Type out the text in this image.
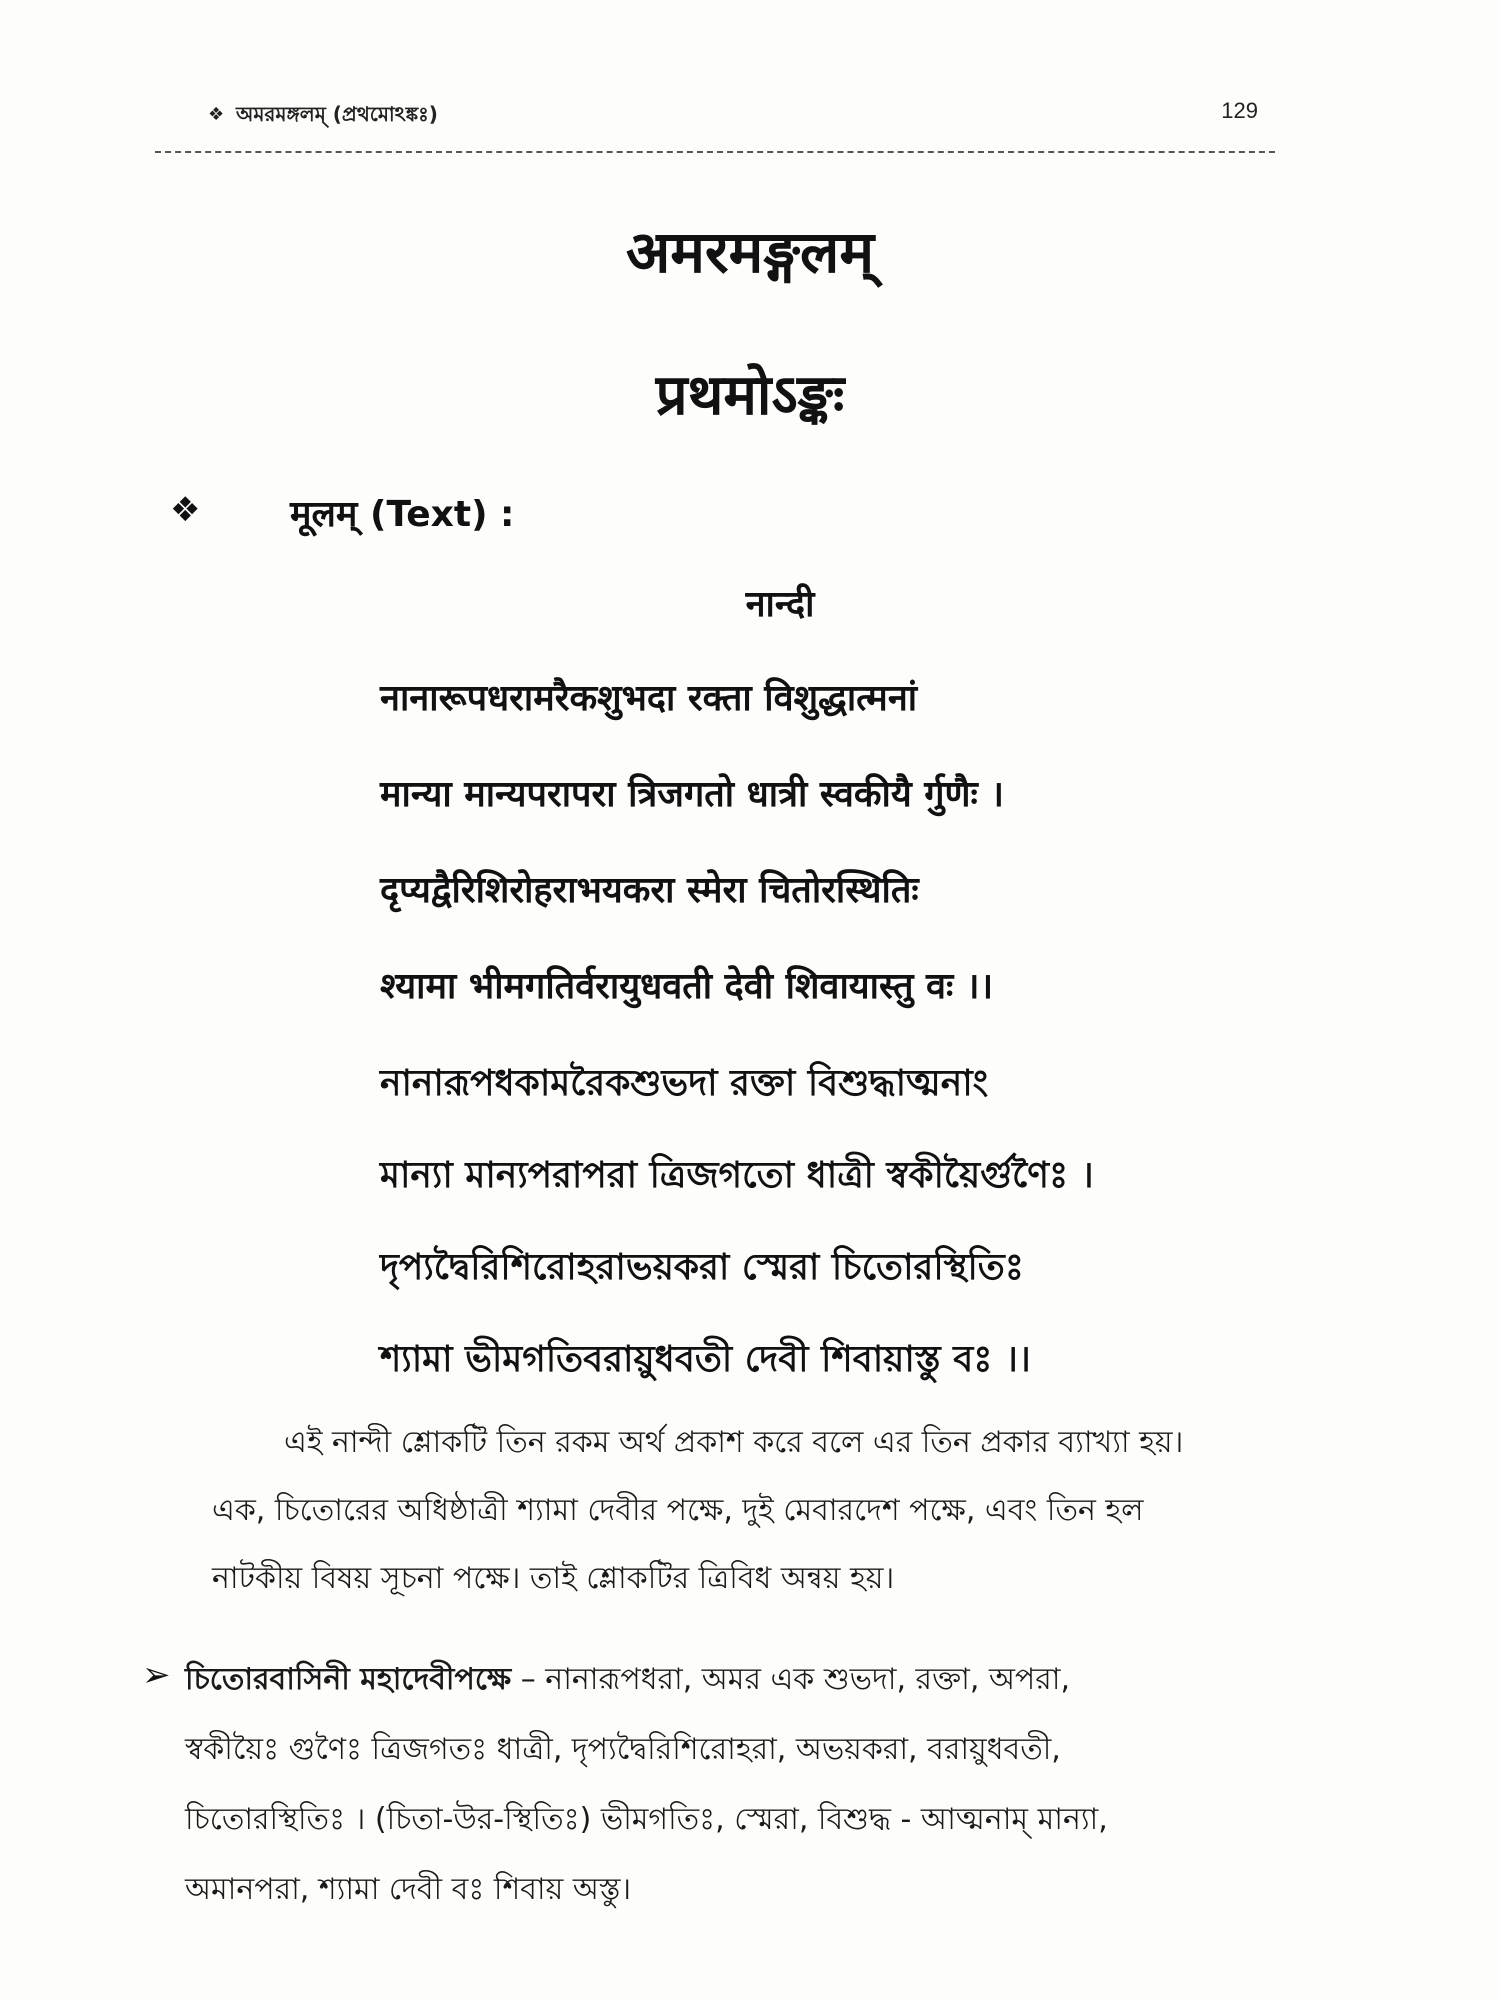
❖ অমরমঙ্গলম্ (প্রথমোঽঙ্কঃ)	129
अमरमङ्गलम्
प्रथमोऽङ्कः
❖ मूलम् (Text) :
नान्दी
नानारूपधरामरैकशुभदा रक्ता विशुद्धात्मनां
मान्या मान्यपरापरा त्रिजगतो धात्री स्वकीयै र्गुणैः ।
दृप्यद्वैरिशिरोहराभयकरा स्मेरा चितोरस्थितिः
श्यामा भीमगतिर्वरायुधवती देवी शिवायास्तु वः ।।
নানারূপধকামরৈকশুভদা রক্তা বিশুদ্ধাত্মনাং
মান্যা মান্যপরাপরা ত্রিজগতো ধাত্রী স্বকীয়ৈর্গুণৈঃ ।
দৃপ্যদ্বৈরিশিরোহরাভয়করা স্মেরা চিতোরস্থিতিঃ
শ্যামা ভীমগতিবরায়ুধবতী দেবী শিবায়াস্তু বঃ ।।
এই নান্দী শ্লোকটি তিন রকম অর্থ প্রকাশ করে বলে এর তিন প্রকার ব্যাখ্যা হয়।
এক, চিতোরের অধিষ্ঠাত্রী শ্যামা দেবীর পক্ষে, দুই মেবারদেশ পক্ষে, এবং তিন হল
নাটকীয় বিষয় সূচনা পক্ষে। তাই শ্লোকটির ত্রিবিধ অন্বয় হয়।
➢ চিতোরবাসিনী মহাদেবীপক্ষে – নানারূপধরা, অমর এক শুভদা, রক্তা, অপরা,
স্বকীয়ৈঃ গুণৈঃ ত্রিজগতঃ ধাত্রী, দৃপ্যদ্বৈরিশিরোহরা, অভয়করা, বরায়ুধবতী,
চিতোরস্থিতিঃ । (চিতা-উর-স্থিতিঃ) ভীমগতিঃ, স্মেরা, বিশুদ্ধ - আত্মনাম্ মান্যা,
অমানপরা, শ্যামা দেবী বঃ শিবায় অস্তু।
